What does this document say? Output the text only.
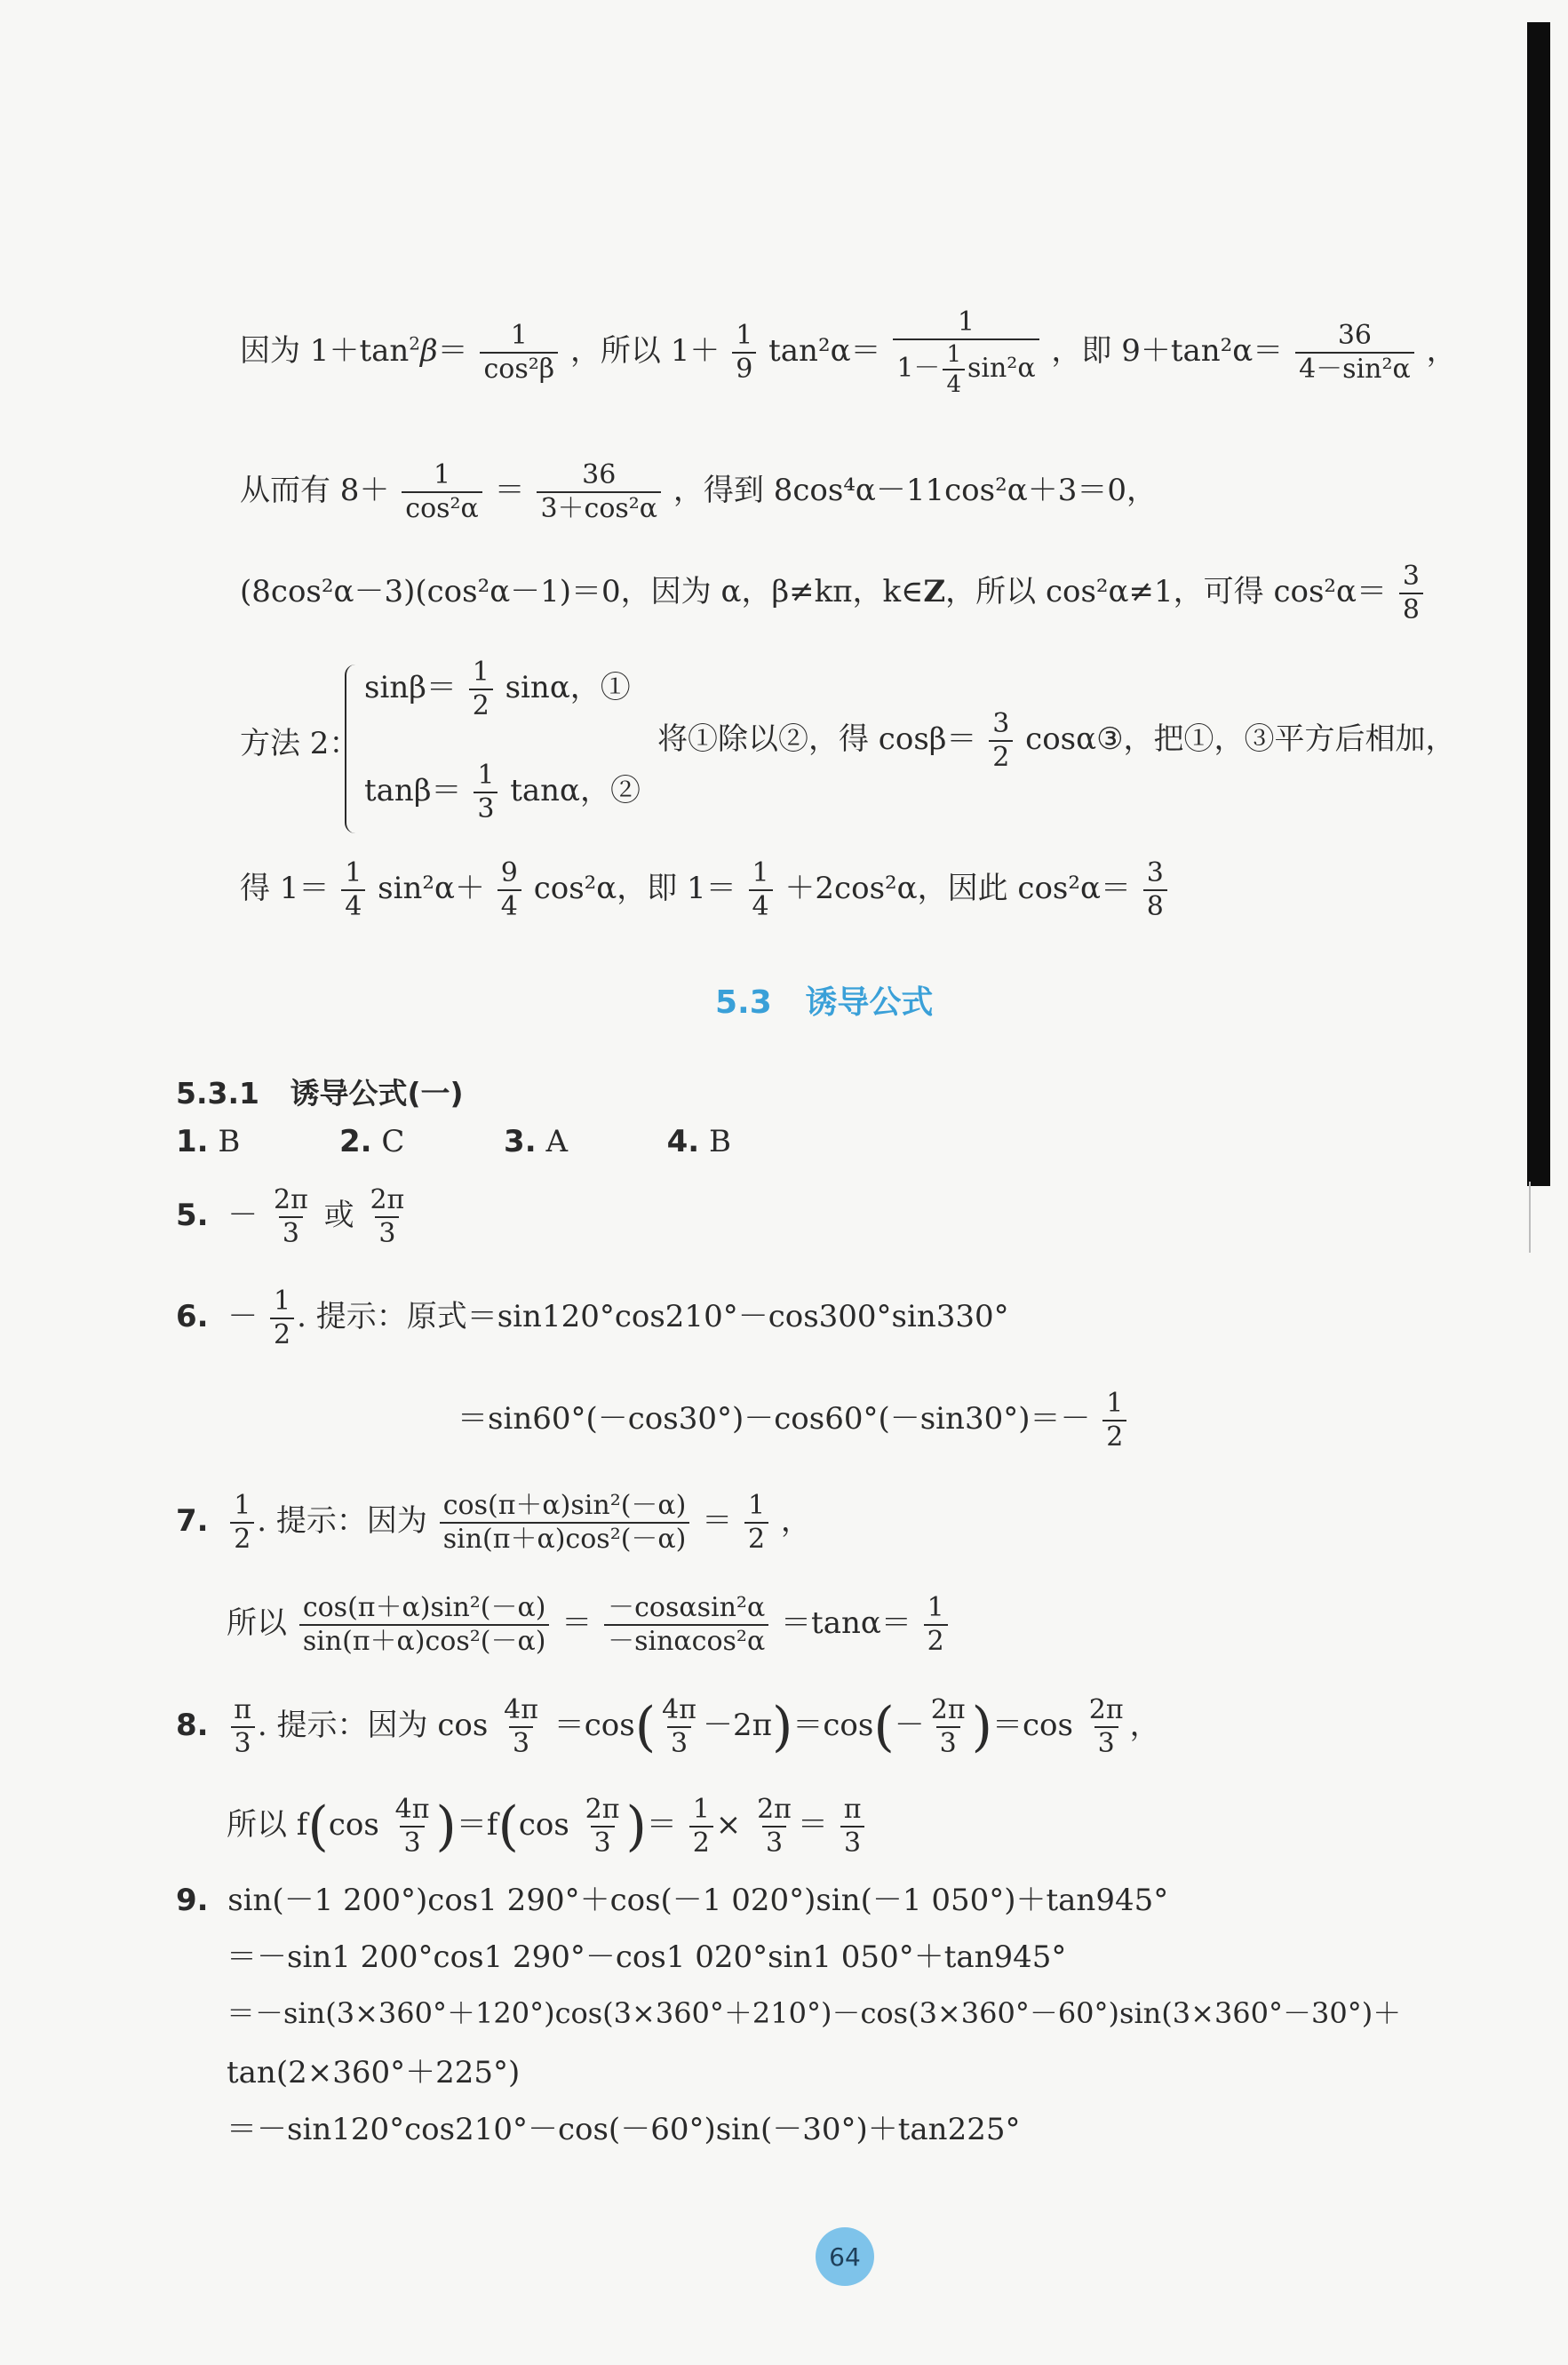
因为 $1+\tan^2\beta= \frac{1}{\text{cos²β}}$ ，所以 $1+ \frac{1}{9} \tan^2\alpha= \frac{1}{1- \frac{1}{4} \sin^2\alpha}$ ，即 $9+\tan^2\alpha= \frac{36}{\text{4－sin²α}}$ ，
从而有 $8+ \frac{1}{\text{cos²α}} = \frac{36}{\text{3＋cos²α}}$ ，得到 8cos⁴α－11cos²α＋3＝0，
(8cos²α－3)(cos²α－1)＝0，因为 α，β≠kπ，k∈Z，所以 cos²α≠1，可得 $\cos^2\alpha= \frac{3}{8}$
方法 2：
$\sin\beta= \frac{1}{2}$ sinα，①
$\tan\beta= \frac{1}{3}$ tanα，②
将①除以②，得 $\cos\beta= \frac{3}{2}$ cosα③，把①，③平方后相加，
得 $1= \frac{1}{4} \sin^2\alpha+ \frac{9}{4} \cos^2\alpha$，即 $1= \frac{1}{4} +2\cos^2\alpha$，因此 $\cos^2\alpha= \frac{3}{8}$
5.3 诱导公式
5.3.1 诱导公式(一)
1. B	2. C	3. A	4. B
5. － $\frac{2\pi}{3}$ 或 $\frac{2\pi}{3}$
6. － $\frac{1}{2}$ . 提示：原式＝sin120°cos210°－cos300°sin330°
$=\sin 60^\circ(-\cos 30^\circ)-\cos 60^\circ(-\sin 30^\circ)=- \frac{1}{2}$
7. $\frac{1}{2}$ . 提示：因为 $\frac{\text{cos(π＋α)sin²(－α)}}{\text{sin(π＋α)cos²(－α)}} = \frac{1}{2}$ ，
所以 $\frac{\text{cos(π＋α)sin²(－α)}}{\text{sin(π＋α)cos²(－α)}} = \frac{\text{－cosαsin²α}}{\text{－sinαcos²α}} =\tan\alpha= \frac{1}{2}$
8. $\frac{\pi}{3}$ . 提示：因为 $\cos \frac{4\pi}{3} =\cos( \frac{4\pi}{3} -2\pi)=\cos(- \frac{2\pi}{3} )=\cos \frac{2\pi}{3}$ ，
所以 $f(\cos \frac{4\pi}{3} )=f(\cos \frac{2\pi}{3}$ )＝ $\frac{1}{2} \times \frac{2\pi}{3} = \frac{\pi}{3}$
9. sin(－1 200°)cos1 290°＋cos(－1 020°)sin(－1 050°)＋tan945°
＝－sin1 200°cos1 290°－cos1 020°sin1 050°＋tan945°
＝－sin(3×360°＋120°)cos(3×360°＋210°)－cos(3×360°－60°)sin(3×360°－30°)＋
tan(2×360°＋225°)
＝－sin120°cos210°－cos(－60°)sin(－30°)＋tan225°
64
